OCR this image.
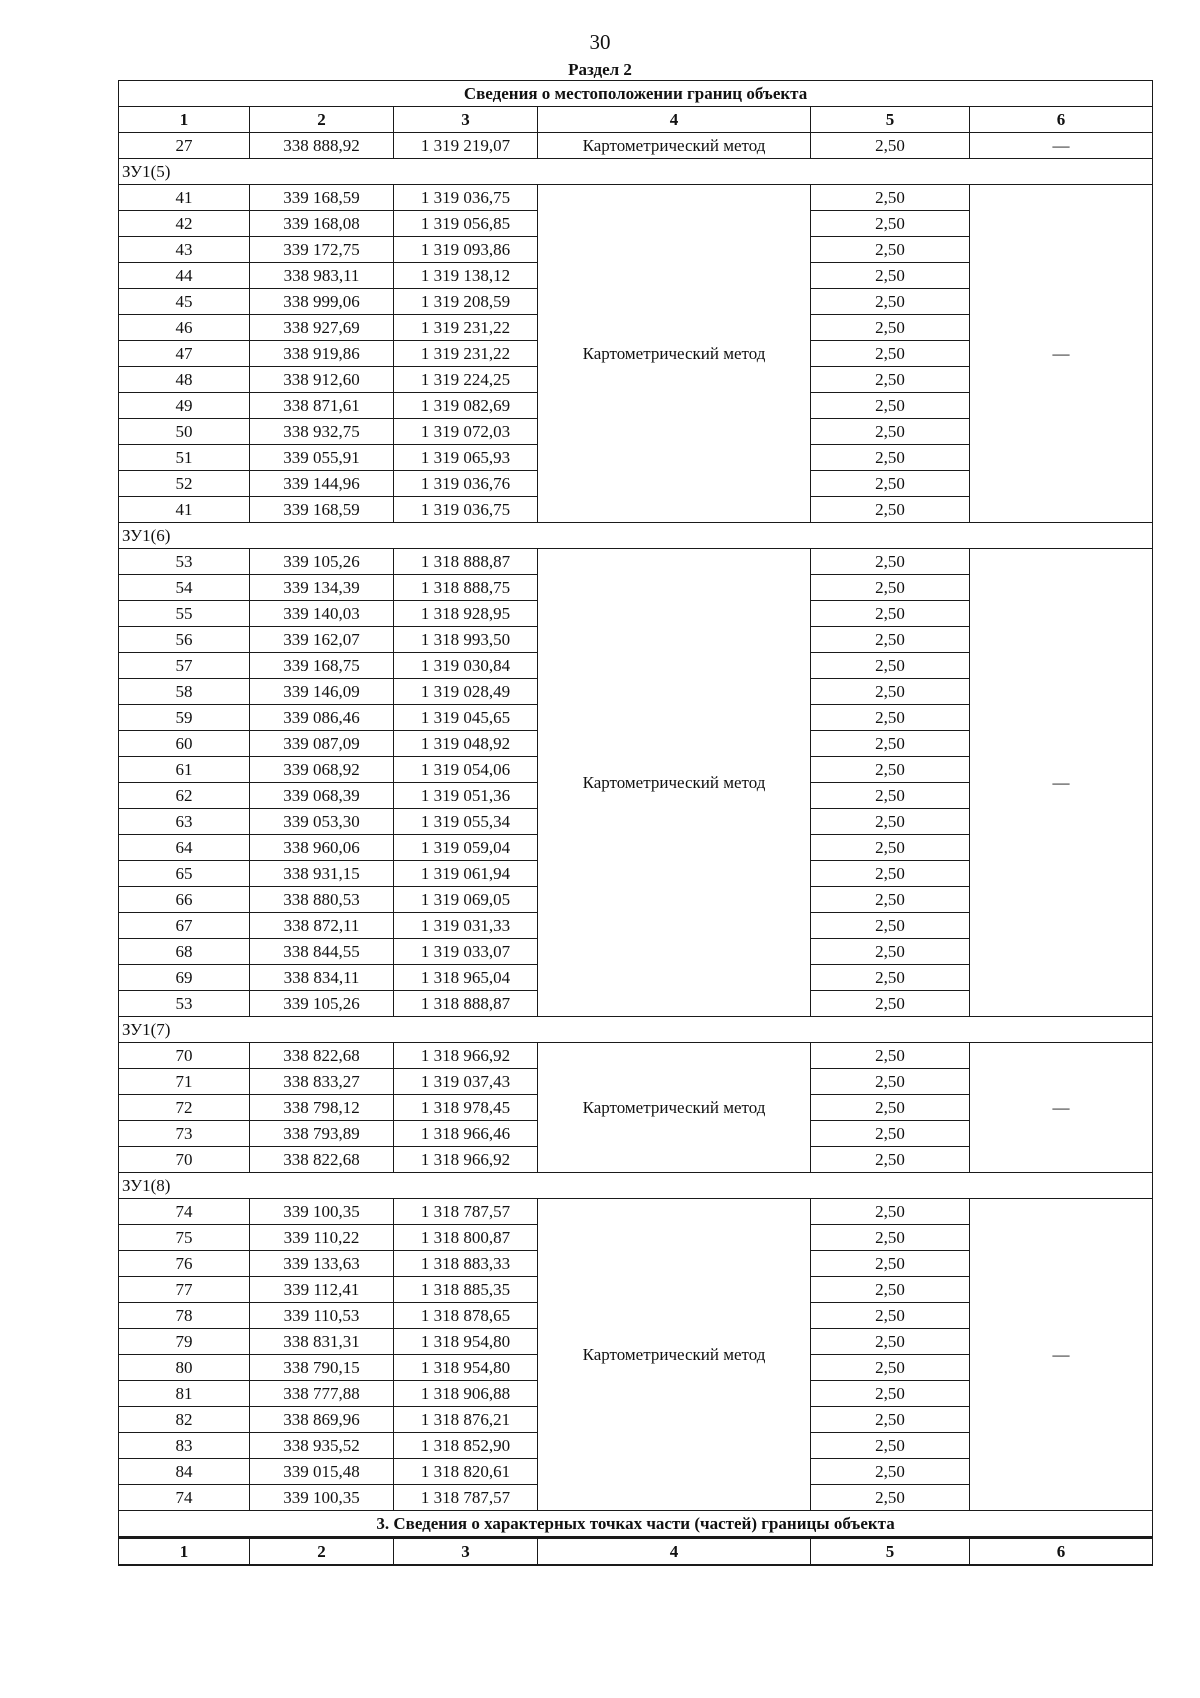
30
Раздел 2
Сведения о местоположении границ объекта					
1	2	3	4	5	6
27	338 888,92	1 319 219,07	Картометрический метод	2,50	—
ЗУ1(5)					
41	339 168,59	1 319 036,75	Картометрический метод	2,50	—
42	339 168,08	1 319 056,85		2,50	
43	339 172,75	1 319 093,86		2,50	
44	338 983,11	1 319 138,12		2,50	
45	338 999,06	1 319 208,59		2,50	
46	338 927,69	1 319 231,22		2,50	
47	338 919,86	1 319 231,22		2,50	
48	338 912,60	1 319 224,25		2,50	
49	338 871,61	1 319 082,69		2,50	
50	338 932,75	1 319 072,03		2,50	
51	339 055,91	1 319 065,93		2,50	
52	339 144,96	1 319 036,76		2,50	
41	339 168,59	1 319 036,75		2,50	
ЗУ1(6)					
53	339 105,26	1 318 888,87	Картометрический метод	2,50	—
54	339 134,39	1 318 888,75		2,50	
55	339 140,03	1 318 928,95		2,50	
56	339 162,07	1 318 993,50		2,50	
57	339 168,75	1 319 030,84		2,50	
58	339 146,09	1 319 028,49		2,50	
59	339 086,46	1 319 045,65		2,50	
60	339 087,09	1 319 048,92		2,50	
61	339 068,92	1 319 054,06		2,50	
62	339 068,39	1 319 051,36		2,50	
63	339 053,30	1 319 055,34		2,50	
64	338 960,06	1 319 059,04		2,50	
65	338 931,15	1 319 061,94		2,50	
66	338 880,53	1 319 069,05		2,50	
67	338 872,11	1 319 031,33		2,50	
68	338 844,55	1 319 033,07		2,50	
69	338 834,11	1 318 965,04		2,50	
53	339 105,26	1 318 888,87		2,50	
ЗУ1(7)					
70	338 822,68	1 318 966,92	Картометрический метод	2,50	—
71	338 833,27	1 319 037,43		2,50	
72	338 798,12	1 318 978,45		2,50	
73	338 793,89	1 318 966,46		2,50	
70	338 822,68	1 318 966,92		2,50	
ЗУ1(8)					
74	339 100,35	1 318 787,57	Картометрический метод	2,50	—
75	339 110,22	1 318 800,87		2,50	
76	339 133,63	1 318 883,33		2,50	
77	339 112,41	1 318 885,35		2,50	
78	339 110,53	1 318 878,65		2,50	
79	338 831,31	1 318 954,80		2,50	
80	338 790,15	1 318 954,80		2,50	
81	338 777,88	1 318 906,88		2,50	
82	338 869,96	1 318 876,21		2,50	
83	338 935,52	1 318 852,90		2,50	
84	339 015,48	1 318 820,61		2,50	
74	339 100,35	1 318 787,57		2,50	
3. Сведения о характерных точках части (частей) границы объекта					
1	2	3	4	5	6
